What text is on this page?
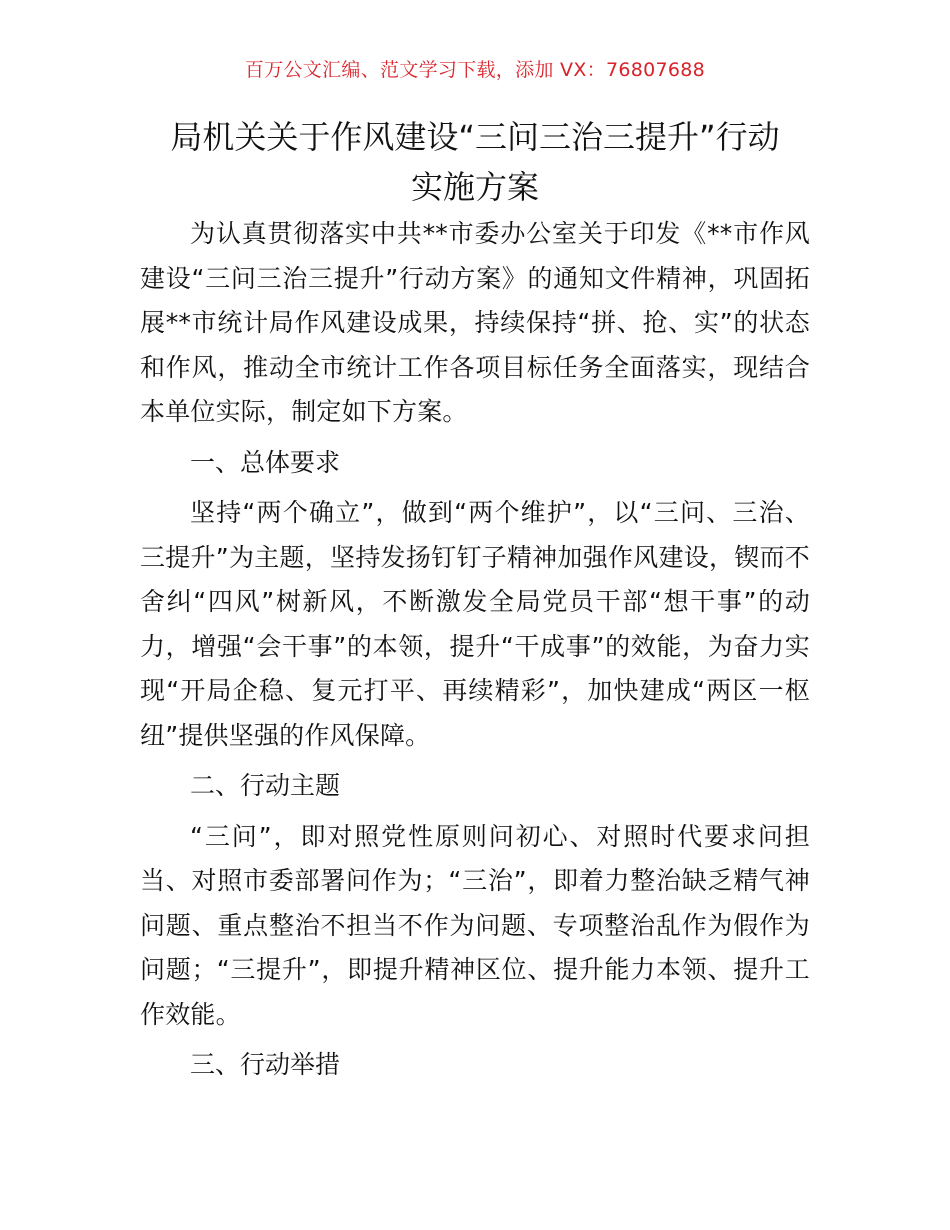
百万公文汇编、范文学习下载，添加 VX：76807688
局机关关于作风建设“三问三治三提升”行动
实施方案

为认真贯彻落实中共**市委办公室关于印发《**市作风建设“三问三治三提升”行动方案》的通知文件精神，巩固拓展**市统计局作风建设成果，持续保持“拼、抢、实”的状态和作风，推动全市统计工作各项目标任务全面落实，现结合本单位实际，制定如下方案。

一、总体要求

坚持“两个确立”，做到“两个维护”，以“三问、三治、三提升”为主题，坚持发扬钉钉子精神加强作风建设，锲而不舍纠“四风”树新风，不断激发全局党员干部“想干事”的动力，增强“会干事”的本领，提升“干成事”的效能，为奋力实现“开局企稳、复元打平、再续精彩”，加快建成“两区一枢纽”提供坚强的作风保障。

二、行动主题

“三问”，即对照党性原则问初心、对照时代要求问担当、对照市委部署问作为；“三治”，即着力整治缺乏精气神问题、重点整治不担当不作为问题、专项整治乱作为假作为问题；“三提升”，即提升精神区位、提升能力本领、提升工作效能。

三、行动举措
